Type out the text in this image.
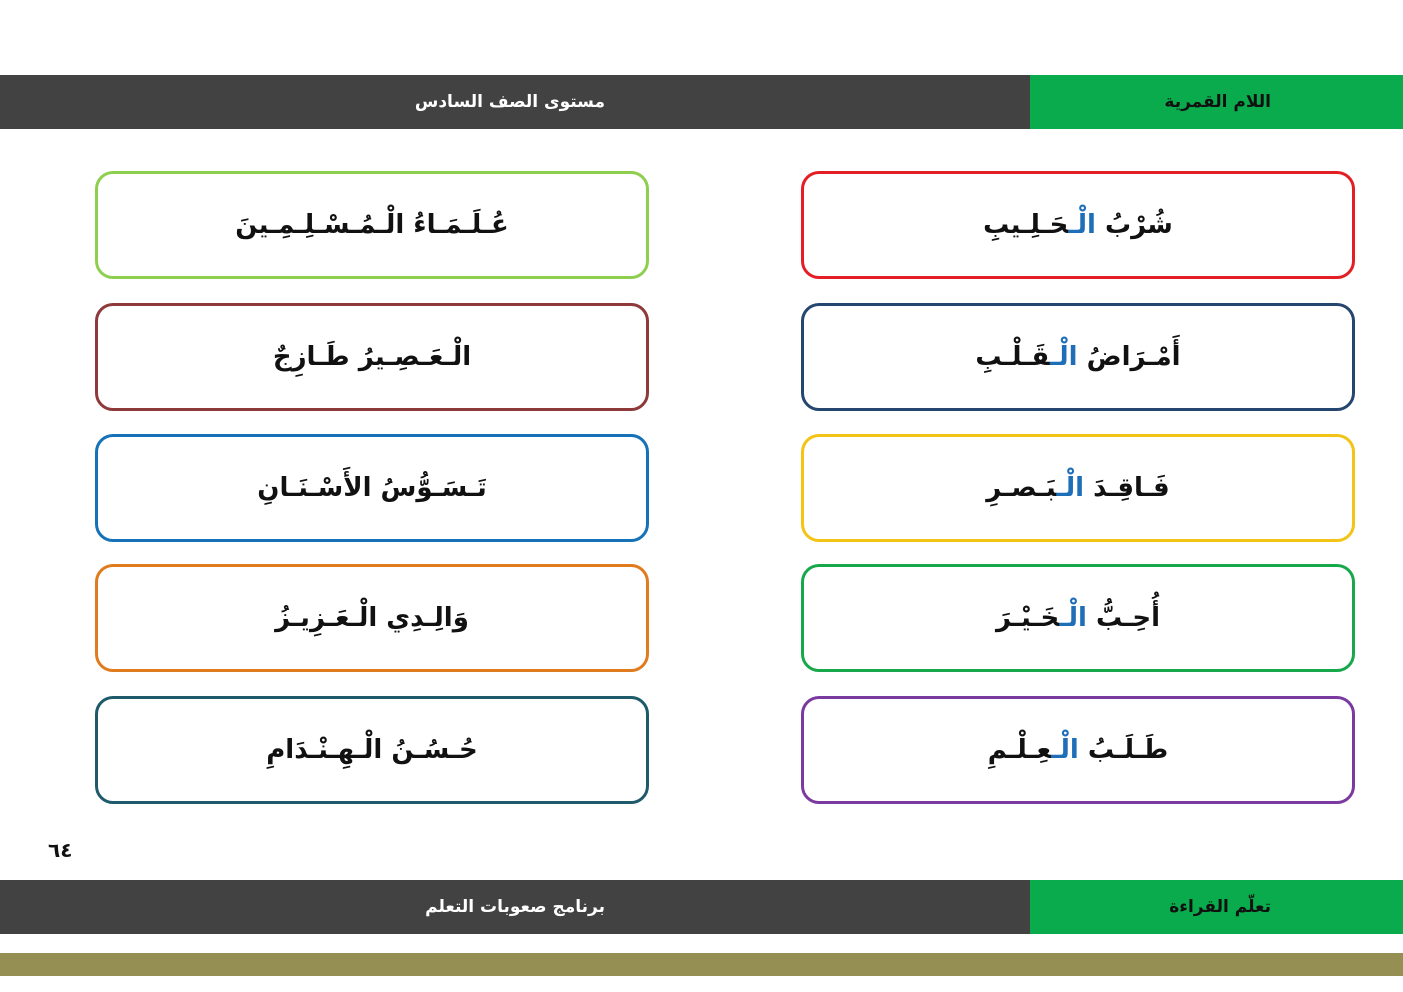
مستوى الصف السادس	اللام القمرية
شُرْبُ الْـحَـلِـيبِ
أَمْـرَاضُ الْـقَـلْـبِ
فَـاقِـدَ الْـبَـصـرِ
أُحِـبُّ الْـخَـيْـرَ
طَـلَـبُ الْـعِـلْـمِ
عُـلَـمَـاءُ الْـمُـسْـلِـمِـينَ
الْـعَـصِـيرُ طَـازِجٌ
تَـسَـوُّسُ الأَسْـنَـانِ
وَالِـدِي الْـعَـزِيـزُ
حُـسُـنُ الْـهِـنْـدَامِ
٦٤
برنامج صعوبات التعلم	تعلّم القراءة
